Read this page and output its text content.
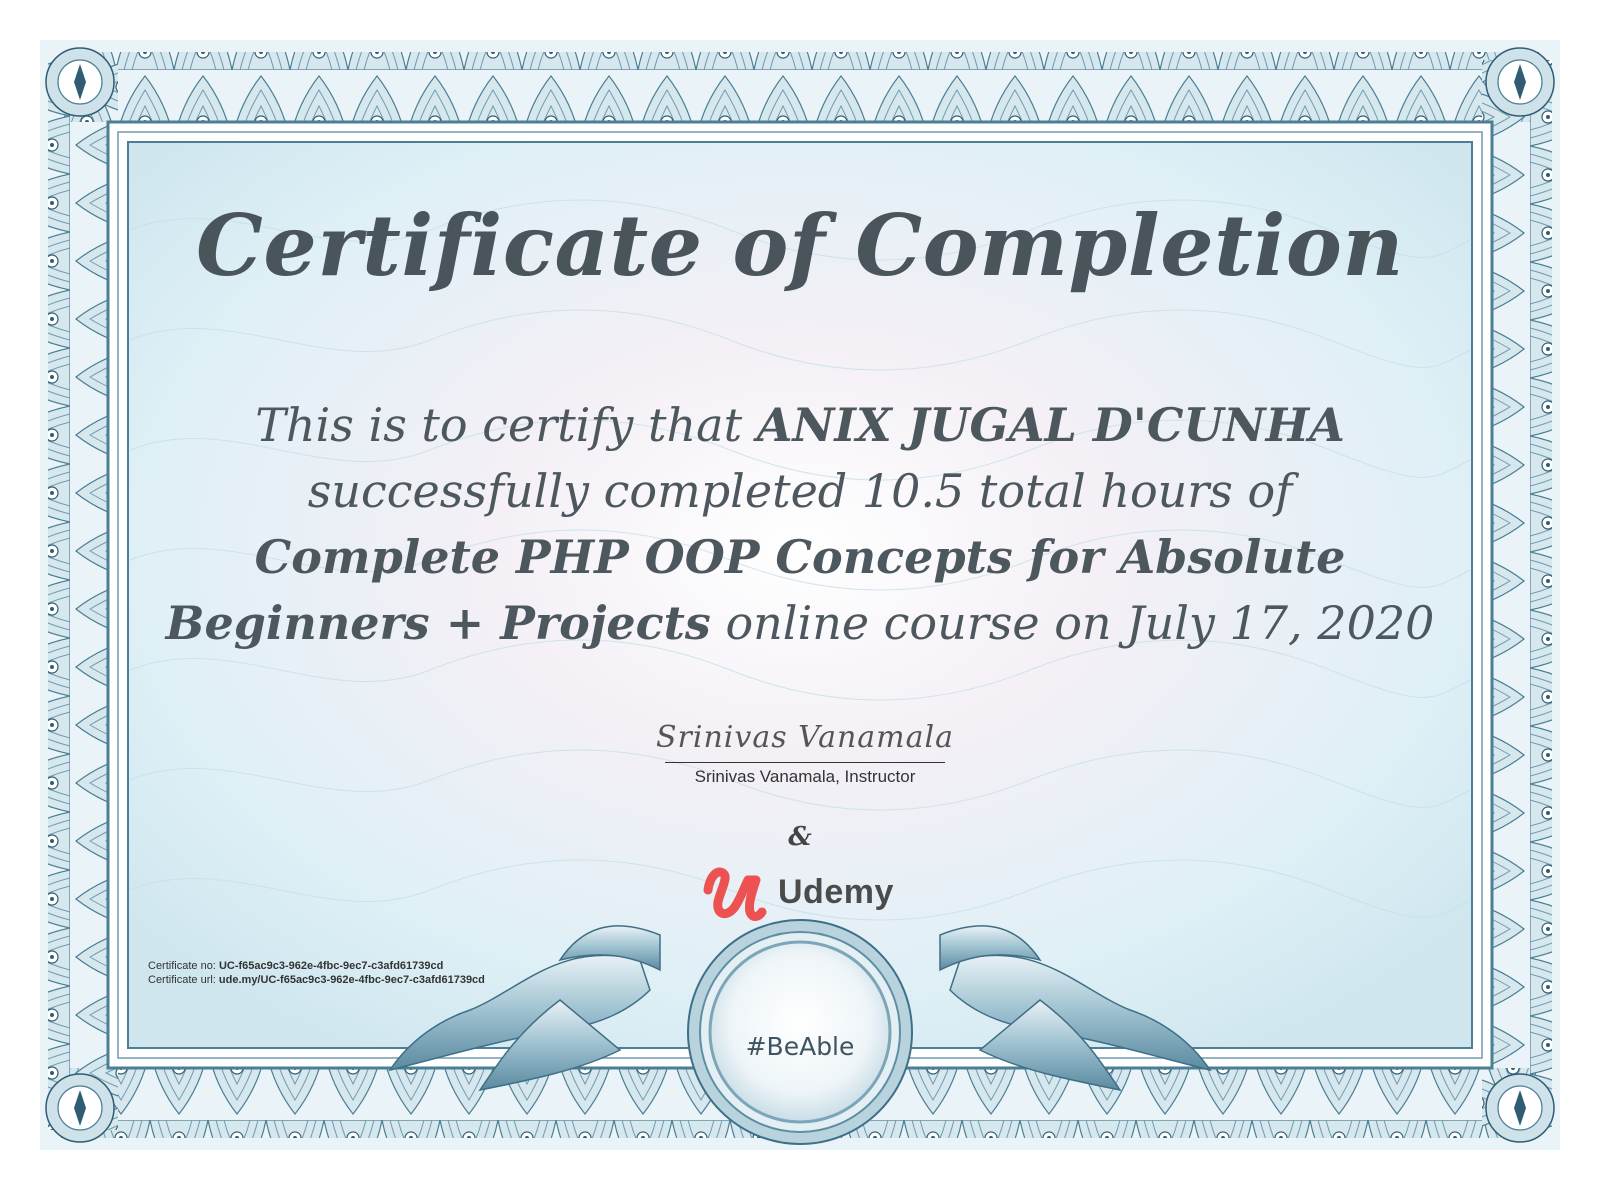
Certificate of Completion
This is to certify that ANIX JUGAL D'CUNHA
successfully completed 10.5 total hours of
Complete PHP OOP Concepts for Absolute
Beginners + Projects online course on July 17, 2020
Srinivas Vanamala
Srinivas Vanamala, Instructor
&
Udemy
Certificate no: UC-f65ac9c3-962e-4fbc-9ec7-c3afd61739cd
Certificate url: ude.my/UC-f65ac9c3-962e-4fbc-9ec7-c3afd61739cd
#BeAble
